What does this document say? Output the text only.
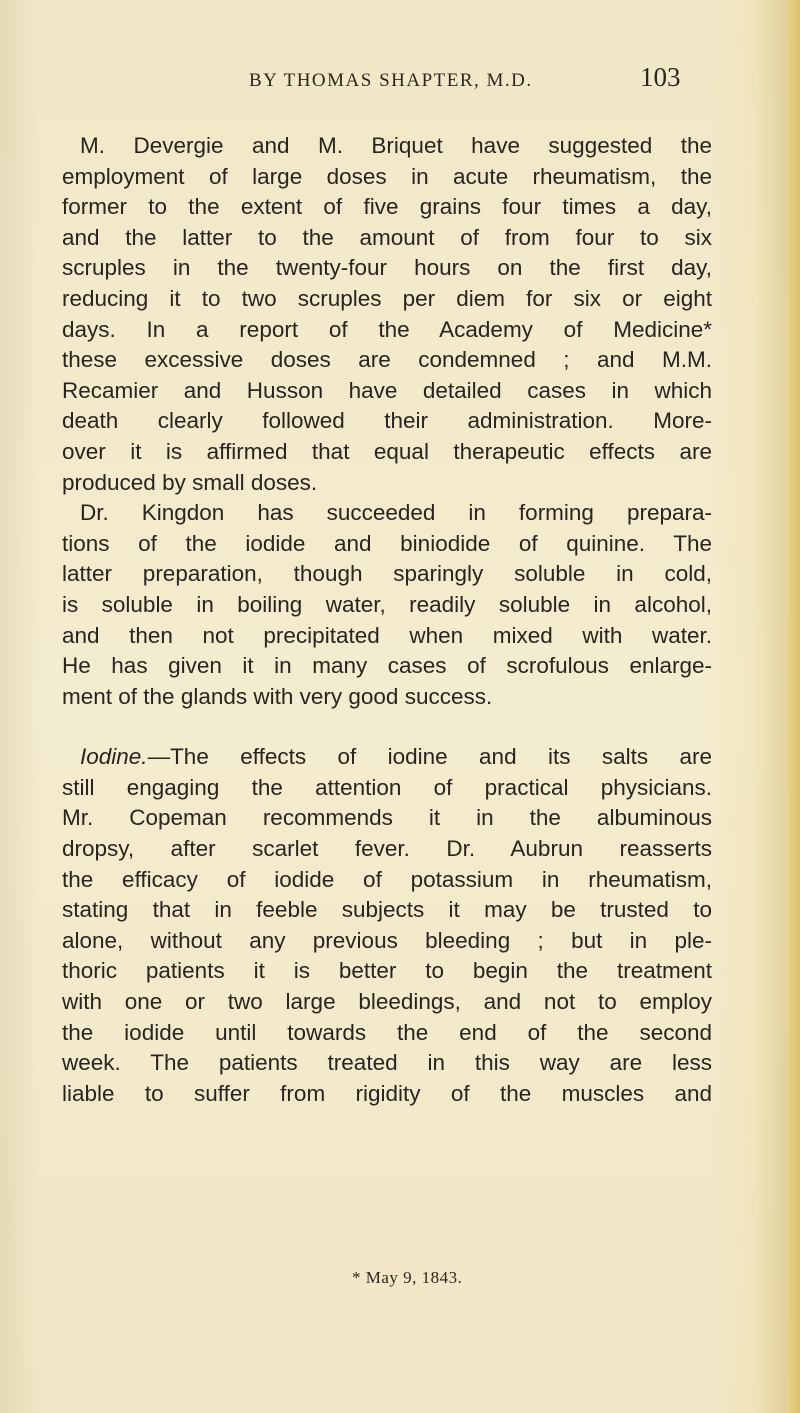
BY THOMAS SHAPTER, M.D.	103
M. Devergie and M. Briquet have suggested the
employment of large doses in acute rheumatism, the
former to the extent of five grains four times a day,
and the latter to the amount of from four to six
scruples in the twenty-four hours on the first day,
reducing it to two scruples per diem for six or eight
days. In a report of the Academy of Medicine*
these excessive doses are condemned ; and M.M.
Recamier and Husson have detailed cases in which
death clearly followed their administration. More-
over it is affirmed that equal therapeutic effects are
produced by small doses.
Dr. Kingdon has succeeded in forming prepara-
tions of the iodide and biniodide of quinine. The
latter preparation, though sparingly soluble in cold,
is soluble in boiling water, readily soluble in alcohol,
and then not precipitated when mixed with water.
He has given it in many cases of scrofulous enlarge-
ment of the glands with very good success.
Iodine.—The effects of iodine and its salts are
still engaging the attention of practical physicians.
Mr. Copeman recommends it in the albuminous
dropsy, after scarlet fever. Dr. Aubrun reasserts
the efficacy of iodide of potassium in rheumatism,
stating that in feeble subjects it may be trusted to
alone, without any previous bleeding ; but in ple-
thoric patients it is better to begin the treatment
with one or two large bleedings, and not to employ
the iodide until towards the end of the second
week. The patients treated in this way are less
liable to suffer from rigidity of the muscles and
* May 9, 1843.
